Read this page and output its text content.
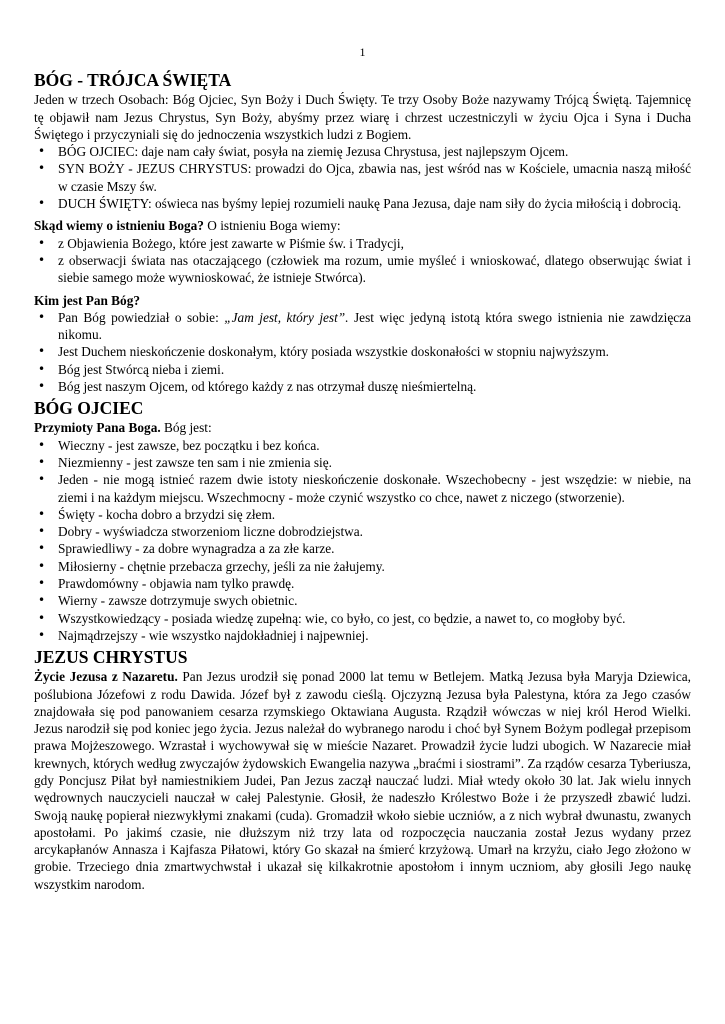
1
BÓG - TRÓJCA ŚWIĘTA

Jeden w trzech Osobach: Bóg Ojciec, Syn Boży i Duch Święty. Te trzy Osoby Boże nazywamy Trójcą Świętą. Tajemnicę tę objawił nam Jezus Chrystus, Syn Boży, abyśmy przez wiarę i chrzest uczestniczyli w życiu Ojca i Syna i Ducha Świętego i przyczyniali się do jednoczenia wszystkich ludzi z Bogiem.

• BÓG OJCIEC: daje nam cały świat, posyła na ziemię Jezusa Chrystusa, jest najlepszym Ojcem.
• SYN BOŻY - JEZUS CHRYSTUS: prowadzi do Ojca, zbawia nas, jest wśród nas w Kościele, umacnia naszą miłość w czasie Mszy św.
• DUCH ŚWIĘTY: oświeca nas byśmy lepiej rozumieli naukę Pana Jezusa, daje nam siły do życia miłością i dobrocią.

Skąd wiemy o istnieniu Boga? O istnieniu Boga wiemy:

• z Objawienia Bożego, które jest zawarte w Piśmie św. i Tradycji,
• z obserwacji świata nas otaczającego (człowiek ma rozum, umie myśleć i wnioskować, dlatego obserwując świat i siebie samego może wywnioskować, że istnieje Stwórca).

Kim jest Pan Bóg?

• Pan Bóg powiedział o sobie: „Jam jest, który jest”. Jest więc jedyną istotą która swego istnienia nie zawdzięcza nikomu.
• Jest Duchem nieskończenie doskonałym, który posiada wszystkie doskonałości w stopniu najwyższym.
• Bóg jest Stwórcą nieba i ziemi.
• Bóg jest naszym Ojcem, od którego każdy z nas otrzymał duszę nieśmiertelną.
BÓG OJCIEC

Przymioty Pana Boga. Bóg jest:

• Wieczny - jest zawsze, bez początku i bez końca.
• Niezmienny - jest zawsze ten sam i nie zmienia się.
• Jeden - nie mogą istnieć razem dwie istoty nieskończenie doskonałe. Wszechobecny - jest wszędzie: w niebie, na ziemi i na każdym miejscu. Wszechmocny - może czynić wszystko co chce, nawet z niczego (stworzenie).
• Święty - kocha dobro a brzydzi się złem.
• Dobry - wyświadcza stworzeniom liczne dobrodziejstwa.
• Sprawiedliwy - za dobre wynagradza a za złe karze.
• Miłosierny - chętnie przebacza grzechy, jeśli za nie żałujemy.
• Prawdomówny - objawia nam tylko prawdę.
• Wierny - zawsze dotrzymuje swych obietnic.
• Wszystkowiedzący - posiada wiedzę zupełną: wie, co było, co jest, co będzie, a nawet to, co mogłoby być.
• Najmądrzejszy - wie wszystko najdokładniej i najpewniej.
JEZUS CHRYSTUS

Życie Jezusa z Nazaretu. Pan Jezus urodził się ponad 2000 lat temu w Betlejem. Matką Jezusa była Maryja Dziewica, poślubiona Józefowi z rodu Dawida. Józef był z zawodu cieślą. Ojczyzną Jezusa była Palestyna, która za Jego czasów znajdowała się pod panowaniem cesarza rzymskiego Oktawiana Augusta. Rządził wówczas w niej król Herod Wielki. Jezus narodził się pod koniec jego życia. Jezus należał do wybranego narodu i choć był Synem Bożym podlegał przepisom prawa Mojżeszowego. Wzrastał i wychowywał się w mieście Nazaret. Prowadził życie ludzi ubogich. W Nazarecie miał krewnych, których według zwyczajów żydowskich Ewangelia nazywa „braćmi i siostrami”. Za rządów cesarza Tyberiusza, gdy Poncjusz Piłat był namiestnikiem Judei, Pan Jezus zaczął nauczać ludzi. Miał wtedy około 30 lat. Jak wielu innych wędrownych nauczycieli nauczał w całej Palestynie. Głosił, że nadeszło Królestwo Boże i że przyszedł zbawić ludzi. Swoją naukę popierał niezwykłymi znakami (cuda). Gromadził wkoło siebie uczniów, a z nich wybrał dwunastu, zwanych apostołami. Po jakimś czasie, nie dłuższym niż trzy lata od rozpoczęcia nauczania został Jezus wydany przez arcykapłanów Annasza i Kajfasza Piłatowi, który Go skazał na śmierć krzyżową. Umarł na krzyżu, ciało Jego złożono w grobie. Trzeciego dnia zmartwychwstał i ukazał się kilkakrotnie apostołom i innym uczniom, aby głosili Jego naukę wszystkim narodom.
